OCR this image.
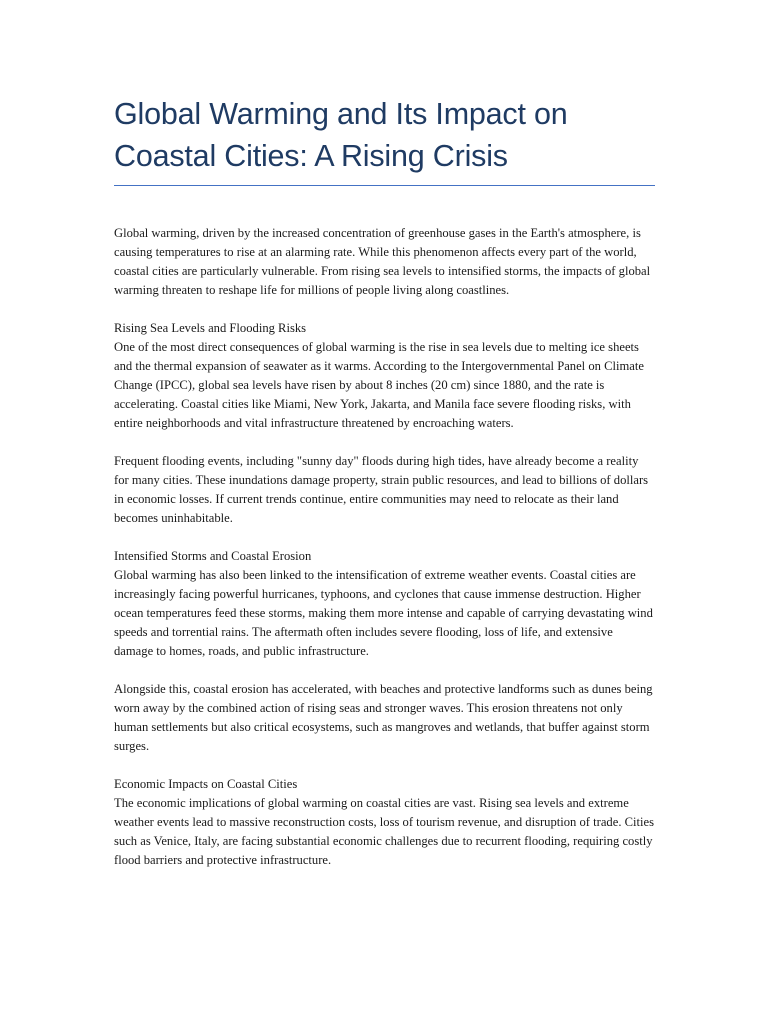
Global Warming and Its Impact on Coastal Cities: A Rising Crisis

Global warming, driven by the increased concentration of greenhouse gases in the Earth's atmosphere, is causing temperatures to rise at an alarming rate. While this phenomenon affects every part of the world, coastal cities are particularly vulnerable. From rising sea levels to intensified storms, the impacts of global warming threaten to reshape life for millions of people living along coastlines.

Rising Sea Levels and Flooding Risks

One of the most direct consequences of global warming is the rise in sea levels due to melting ice sheets and the thermal expansion of seawater as it warms. According to the Intergovernmental Panel on Climate Change (IPCC), global sea levels have risen by about 8 inches (20 cm) since 1880, and the rate is accelerating. Coastal cities like Miami, New York, Jakarta, and Manila face severe flooding risks, with entire neighborhoods and vital infrastructure threatened by encroaching waters.

Frequent flooding events, including "sunny day" floods during high tides, have already become a reality for many cities. These inundations damage property, strain public resources, and lead to billions of dollars in economic losses. If current trends continue, entire communities may need to relocate as their land becomes uninhabitable.

Intensified Storms and Coastal Erosion

Global warming has also been linked to the intensification of extreme weather events. Coastal cities are increasingly facing powerful hurricanes, typhoons, and cyclones that cause immense destruction. Higher ocean temperatures feed these storms, making them more intense and capable of carrying devastating wind speeds and torrential rains. The aftermath often includes severe flooding, loss of life, and extensive damage to homes, roads, and public infrastructure.

Alongside this, coastal erosion has accelerated, with beaches and protective landforms such as dunes being worn away by the combined action of rising seas and stronger waves. This erosion threatens not only human settlements but also critical ecosystems, such as mangroves and wetlands, that buffer against storm surges.

Economic Impacts on Coastal Cities

The economic implications of global warming on coastal cities are vast. Rising sea levels and extreme weather events lead to massive reconstruction costs, loss of tourism revenue, and disruption of trade. Cities such as Venice, Italy, are facing substantial economic challenges due to recurrent flooding, requiring costly flood barriers and protective infrastructure.
